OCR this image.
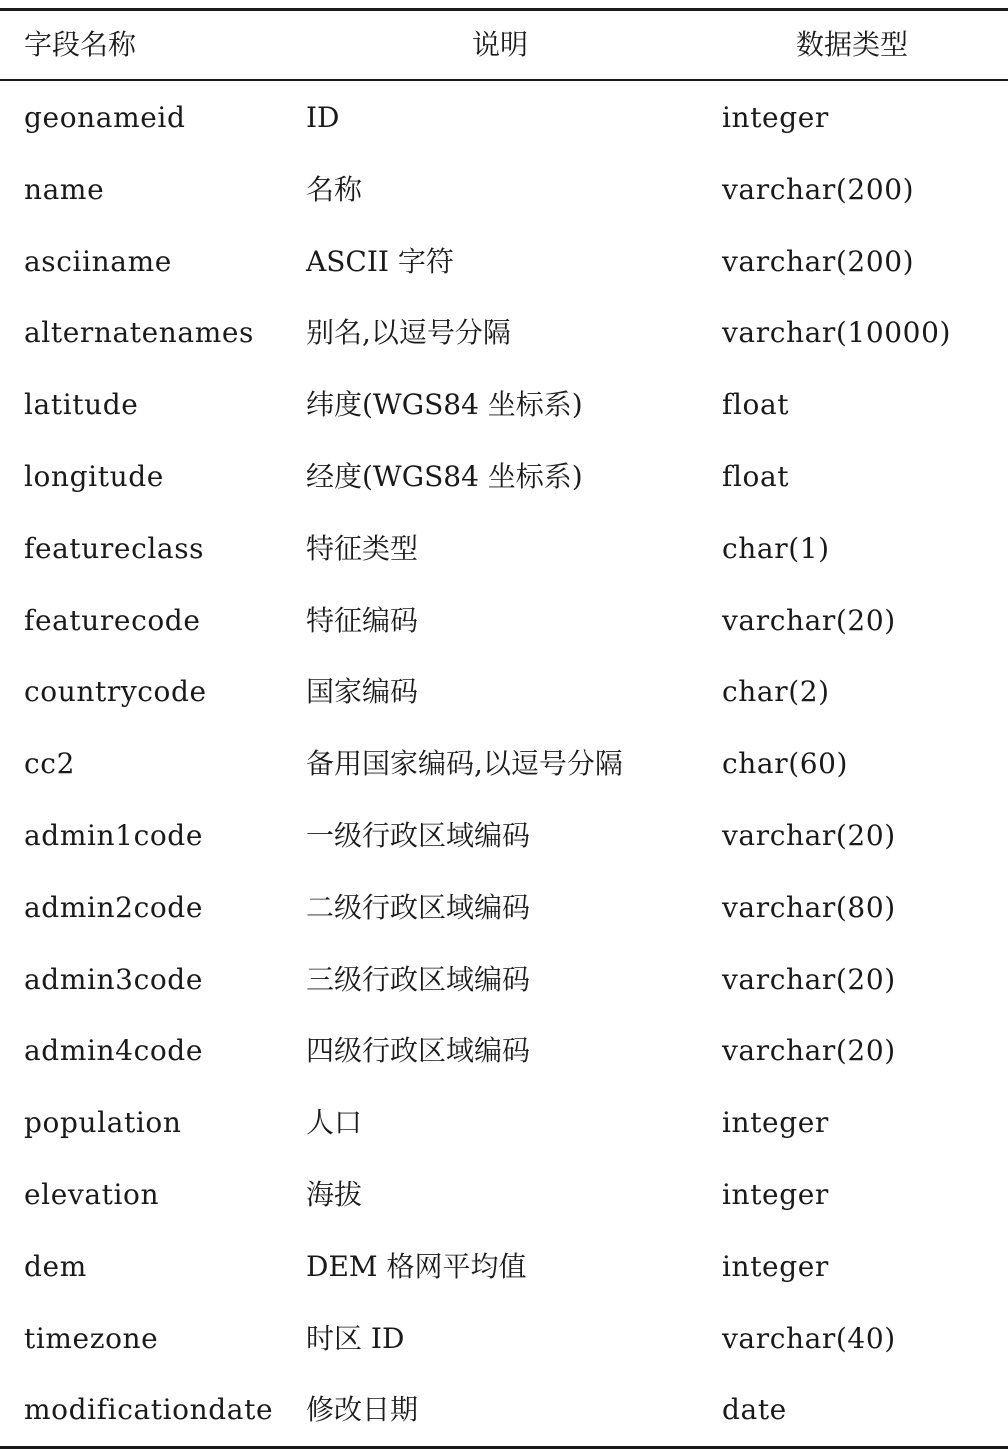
字段名称	说明	数据类型
geonameid	ID	integer
name	名称	varchar(200)
asciiname	ASCII 字符	varchar(200)
alternatenames 别名,以逗号分隔	varchar(10000)
latitude	纬度(WGS84 坐标系)	float
longitude	经度(WGS84 坐标系)	float
featureclass	特征类型	char(1)
featurecode	特征编码	varchar(20)
countrycode	国家编码	char(2)
cc2	备用国家编码,以逗号分隔	char(60)
admin1code	一级行政区域编码	varchar(20)
admin2code	二级行政区域编码	varchar(80)
admin3code	三级行政区域编码	varchar(20)
admin4code	四级行政区域编码	varchar(20)
population	人口	integer
elevation	海拔	integer
dem	DEM 格网平均值	integer
timezone	时区 ID	varchar(40)
modificationdate 修改日期	date
